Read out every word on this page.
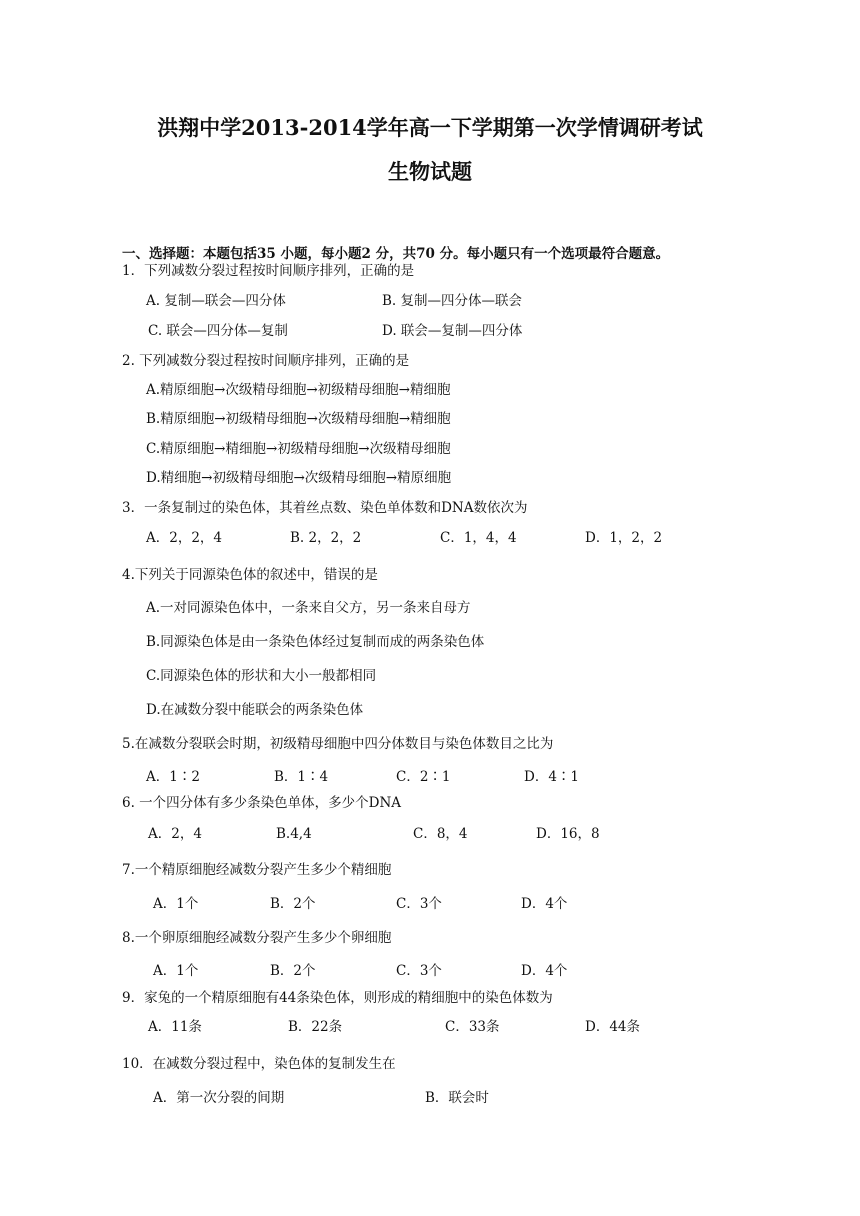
洪翔中学2013-2014学年高一下学期第一次学情调研考试
生物试题
一、选择题：本题包括35 小题，每小题2 分，共70 分。每小题只有一个选项最符合题意。
1．下列减数分裂过程按时间顺序排列，正确的是
A. 复制—联会—四分体	B. 复制—四分体—联会
C. 联会—四分体—复制	D. 联会—复制—四分体
2. 下列减数分裂过程按时间顺序排列，正确的是
A.精原细胞→次级精母细胞→初级精母细胞→精细胞
B.精原细胞→初级精母细胞→次级精母细胞→精细胞
C.精原细胞→精细胞→初级精母细胞→次级精母细胞
D.精细胞→初级精母细胞→次级精母细胞→精原细胞
3．一条复制过的染色体，其着丝点数、染色单体数和DNA数依次为
A．2，2，4	B. 2，2，2	C．1，4，4	D．1，2，2
4.下列关于同源染色体的叙述中，错误的是
A.一对同源染色体中，一条来自父方，另一条来自母方
B.同源染色体是由一条染色体经过复制而成的两条染色体
C.同源染色体的形状和大小一般都相同
D.在减数分裂中能联会的两条染色体
5.在减数分裂联会时期，初级精母细胞中四分体数目与染色体数目之比为
A．1∶2	B．1∶4	C．2∶1	D．4∶1
6. 一个四分体有多少条染色单体，多少个DNA
A．2，4	B.4,4	C．8，4	D．16，8
7.一个精原细胞经减数分裂产生多少个精细胞
A．1个	B．2个	C．3个	D．4个
8.一个卵原细胞经减数分裂产生多少个卵细胞
A．1个	B．2个	C．3个	D．4个
9．家兔的一个精原细胞有44条染色体，则形成的精细胞中的染色体数为
A．11条	B．22条	C．33条	D．44条
10．在减数分裂过程中，染色体的复制发生在
A．第一次分裂的间期	B．联会时
